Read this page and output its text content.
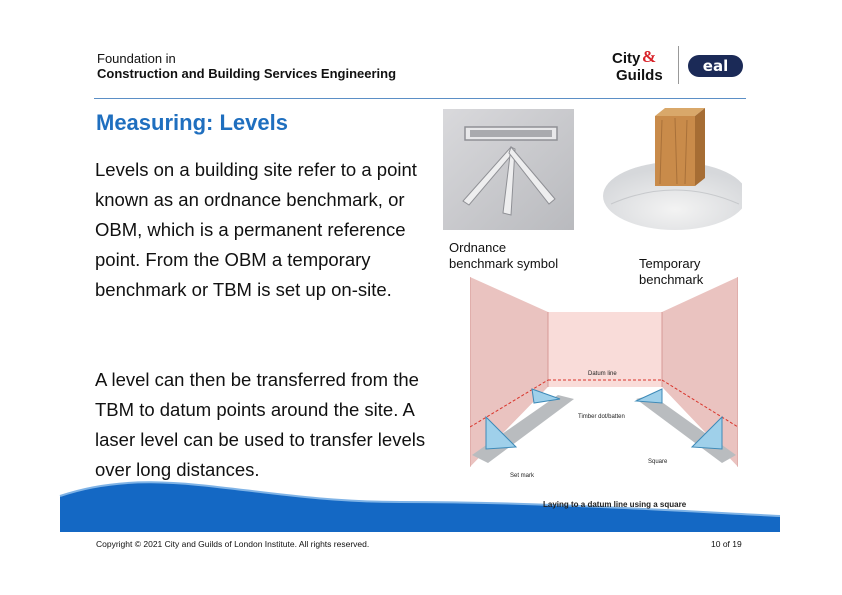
Foundation in
Construction and Building Services Engineering
City &
Guilds
eal
Measuring: Levels
Levels on a building site refer to a point known as an ordnance benchmark, or OBM, which is a permanent reference point. From the OBM a temporary benchmark or TBM is set up on-site.
A level can then be transferred from the TBM to datum points around the site. A laser level can be used to transfer levels over long distances.
Ordnance
benchmark symbol	Temporary
benchmark
Datum line
Timber dot/batten
Set mark
Square
Laying to a datum line using a square
Copyright © 2021 City and Guilds of London Institute. All rights reserved.	10 of 19
